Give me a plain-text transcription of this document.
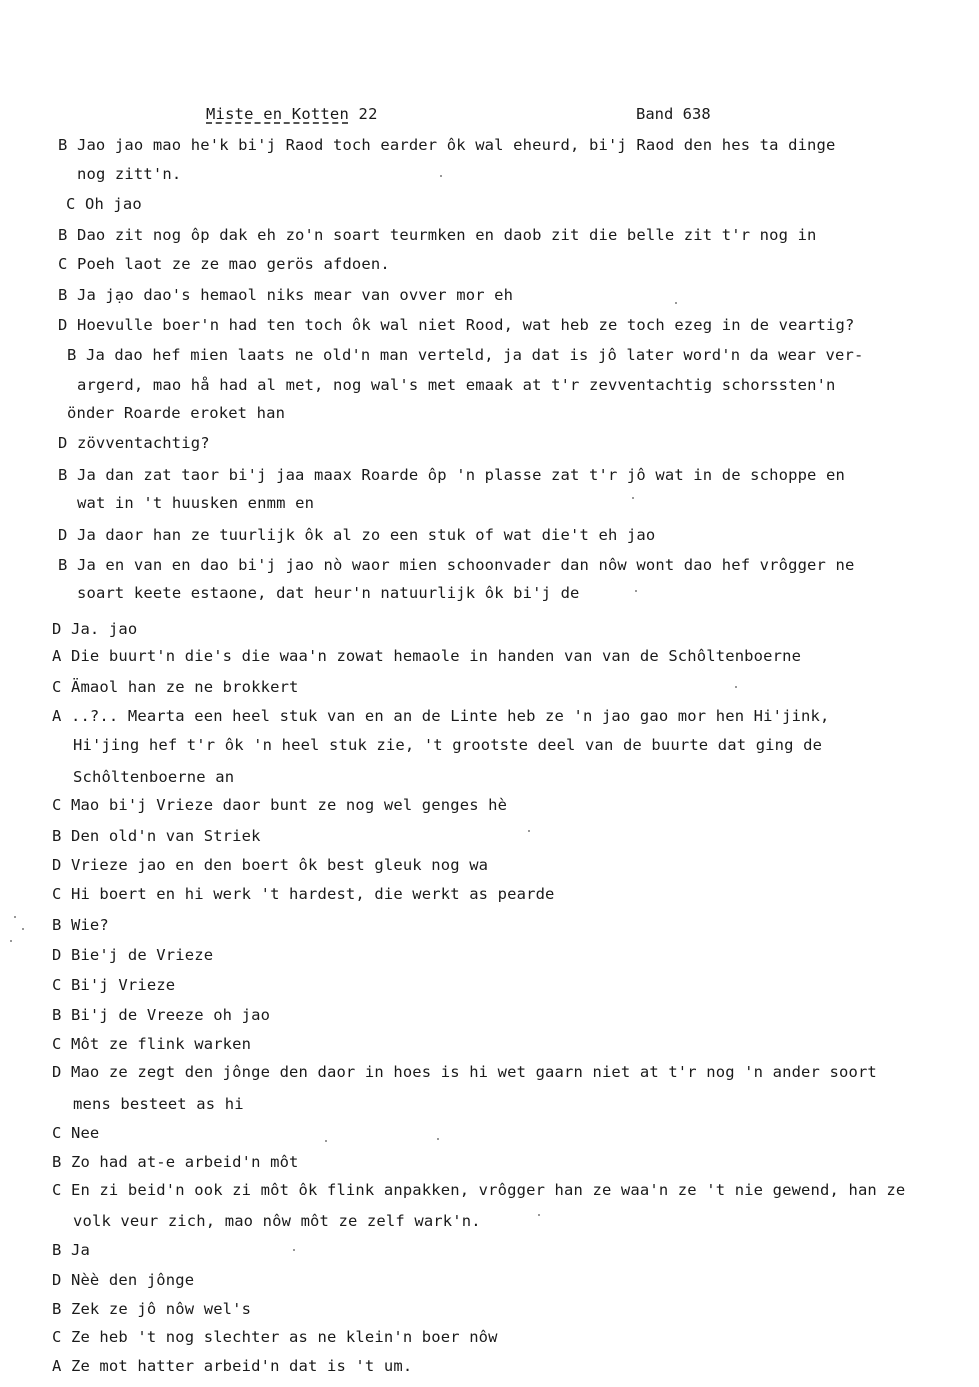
Miste en Kotten 22	Band 638
B Jao jao mao he'k bi'j Raod toch earder ôk wal eheurd, bi'j Raod den hes ta dinge
nog zitt'n.
C Oh jao
B Dao zit nog ôp dak eh zo'n soart teurmken en daob zit die belle zit t'r nog in
C Poeh laot ze ze mao gerös afdoen.
B Ja jạo dao's hemaol niks mear van ovver mor eh
D Hoevulle boer'n had ten toch ôk wal niet Rood, wat heb ze toch ezeg in de veartig?
B Ja dao hef mien laats ne old'n man verteld, ja dat is jô later word'n da wear ver-
argerd, mao hå had al met, nog wal's met emaak at t'r zevventachtig schorssten'n
önder Roarde eroket han
D zövventachtig?
B Ja dan zat taor bi'j jaa maax Roarde ôp 'n plasse zat t'r jô wat in de schoppe en
wat in 't huusken enmm en
D Ja daor han ze tuurlijk ôk al zo een stuk of wat die't eh jao
B Ja en van en dao bi'j jao nò waor mien schoonvader dan nôw wont dao hef vrôgger ne
soart keete estaone, dat heur'n natuurlijk ôk bi'j de
D Ja. jao
A Die buurt'n die's die waa'n zowat hemaole in handen van van de Schôltenboerne
C Ämaol han ze ne brokkert
A ..?.. Mearta een heel stuk van en an de Linte heb ze 'n jao gao mor hen Hi'jink,
Hi'jing hef t'r ôk 'n heel stuk zie, 't grootste deel van de buurte dat ging de
Schôltenboerne an
C Mao bi'j Vrieze daor bunt ze nog wel genges hè
B Den old'n van Striek
D Vrieze jao en den boert ôk best gleuk nog wa
C Hi boert en hi werk 't hardest, die werkt as pearde
B Wie?
D Bie'j de Vrieze
C Bi'j Vrieze
B Bi'j de Vreeze oh jao
C Môt ze flink warken
D Mao ze zegt den jônge den daor in hoes is hi wet gaarn niet at t'r nog 'n ander soort
mens besteet as hi
C Nee
B Zo had at-e arbeid'n môt
C En zi beid'n ook zi môt ôk flink anpakken, vrôgger han ze waa'n ze 't nie gewend, han ze
volk veur zich, mao nôw môt ze zelf wark'n.
B Ja
D Nèè den jônge
B Zek ze jô nôw wel's
C Ze heb 't nog slechter as ne klein'n boer nôw
A Ze mot hatter arbeid'n dat is 't um.
